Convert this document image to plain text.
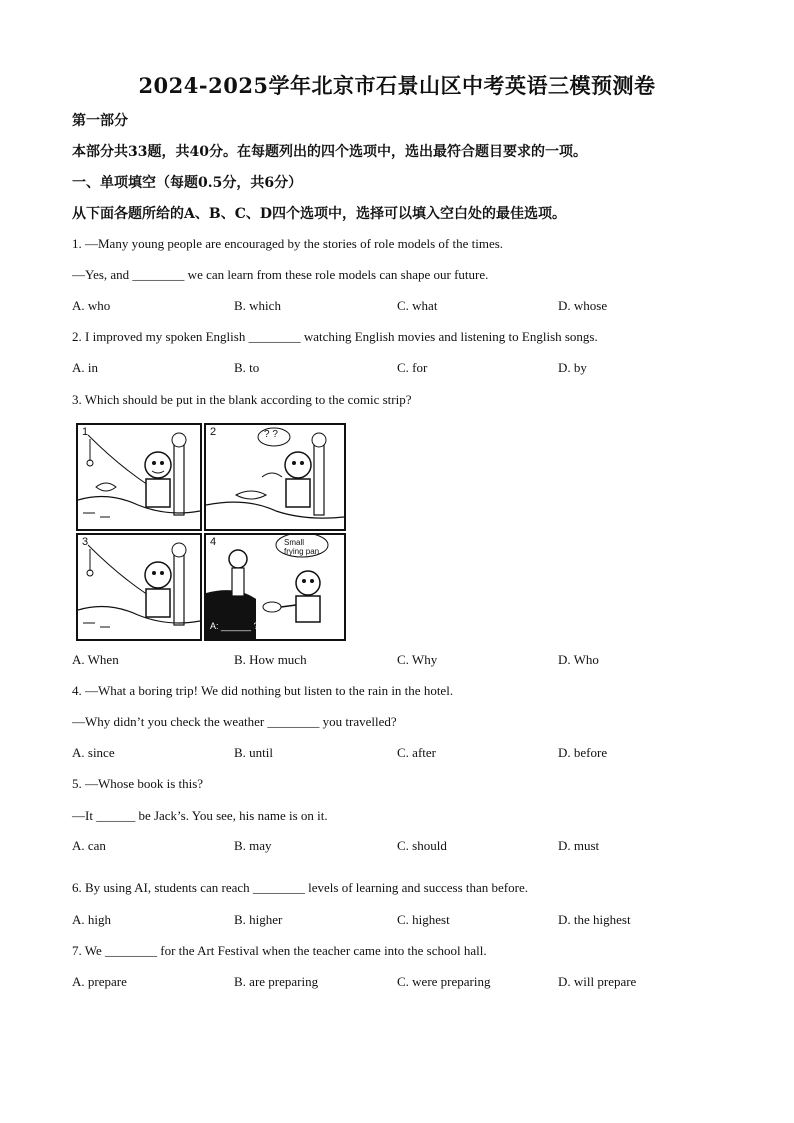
2024-2025学年北京市石景山区中考英语三模预测卷
第一部分
本部分共33题，共40分。在每题列出的四个选项中，选出最符合题目要求的一项。
一、单项填空（每题0.5分，共6分）
从下面各题所给的A、B、C、D四个选项中，选择可以填入空白处的最佳选项。
1. —Many young people are encouraged by the stories of role models of the times.
—Yes, and ________ we can learn from these role models can shape our future.
A. who	B. which	C. what	D. whose
2. I improved my spoken English ________ watching English movies and listening to English songs.
A. in	B. to	C. for	D. by
3. Which should be put in the blank according to the comic strip?
1	2	? ?
3	4	Small frying pan.
A: ______ ?
A. When	B. How much	C. Why	D. Who
4. —What a boring trip! We did nothing but listen to the rain in the hotel.
—Why didn’t you check the weather ________ you travelled?
A. since	B. until	C. after	D. before
5. —Whose book is this?
—It ______ be Jack’s. You see, his name is on it.
A. can	B. may	C. should	D. must
6. By using AI, students can reach ________ levels of learning and success than before.
A. high	B. higher	C. highest	D. the highest
7. We ________ for the Art Festival when the teacher came into the school hall.
A. prepare	B. are preparing	C. were preparing	D. will prepare
